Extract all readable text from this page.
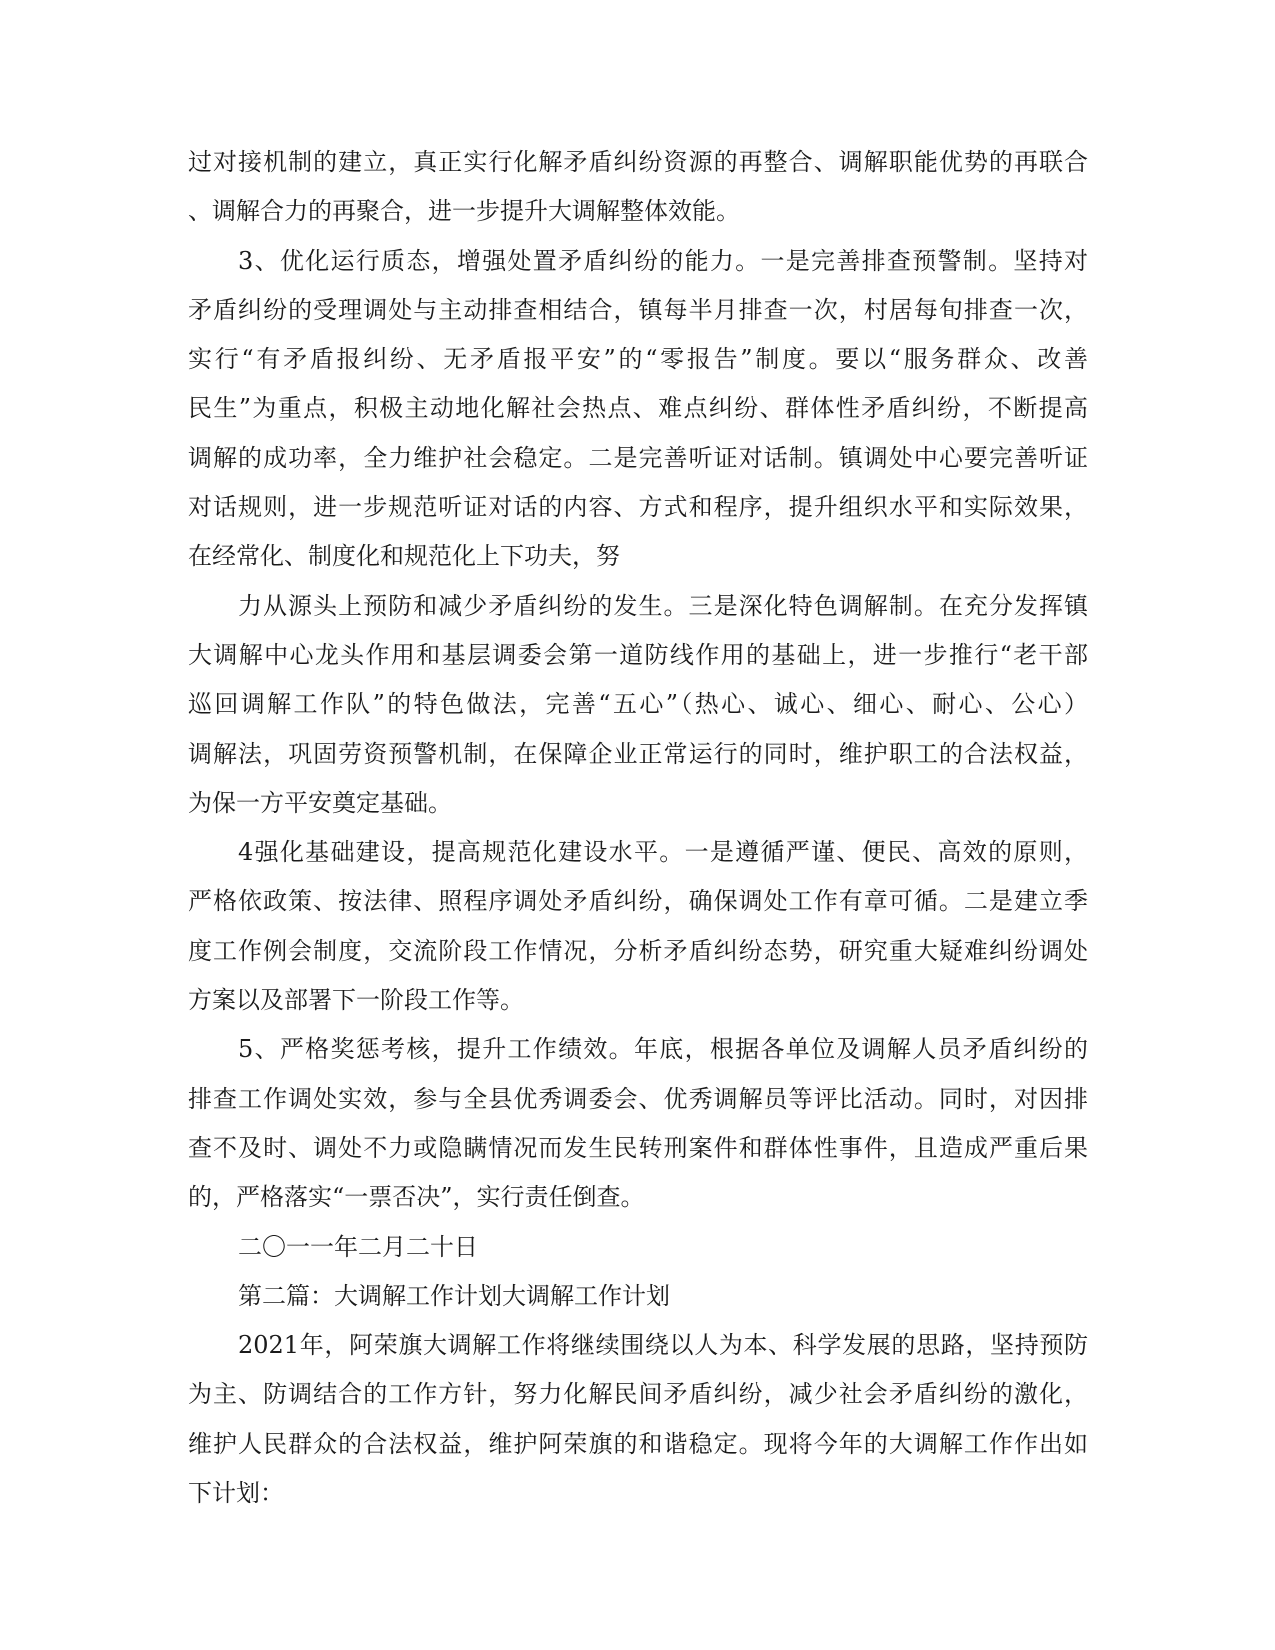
过对接机制的建立，真正实行化解矛盾纠纷资源的再整合、调解职能优势的再联合
、调解合力的再聚合，进一步提升大调解整体效能。
3、优化运行质态，增强处置矛盾纠纷的能力。一是完善排查预警制。坚持对
矛盾纠纷的受理调处与主动排查相结合，镇每半月排查一次，村居每旬排查一次，
实行“有矛盾报纠纷、无矛盾报平安”的“零报告”制度。要以“服务群众、改善
民生”为重点，积极主动地化解社会热点、难点纠纷、群体性矛盾纠纷，不断提高
调解的成功率，全力维护社会稳定。二是完善听证对话制。镇调处中心要完善听证
对话规则，进一步规范听证对话的内容、方式和程序，提升组织水平和实际效果，
在经常化、制度化和规范化上下功夫，努
力从源头上预防和减少矛盾纠纷的发生。三是深化特色调解制。在充分发挥镇
大调解中心龙头作用和基层调委会第一道防线作用的基础上，进一步推行“老干部
巡回调解工作队”的特色做法，完善“五心”（热心、诚心、细心、耐心、公心）
调解法，巩固劳资预警机制，在保障企业正常运行的同时，维护职工的合法权益，
为保一方平安奠定基础。
4强化基础建设，提高规范化建设水平。一是遵循严谨、便民、高效的原则，
严格依政策、按法律、照程序调处矛盾纠纷，确保调处工作有章可循。二是建立季
度工作例会制度，交流阶段工作情况，分析矛盾纠纷态势，研究重大疑难纠纷调处
方案以及部署下一阶段工作等。
5、严格奖惩考核，提升工作绩效。年底，根据各单位及调解人员矛盾纠纷的
排查工作调处实效，参与全县优秀调委会、优秀调解员等评比活动。同时，对因排
查不及时、调处不力或隐瞒情况而发生民转刑案件和群体性事件，且造成严重后果
的，严格落实“一票否决”，实行责任倒查。
二〇一一年二月二十日
第二篇：大调解工作计划大调解工作计划
2021年，阿荣旗大调解工作将继续围绕以人为本、科学发展的思路，坚持预防
为主、防调结合的工作方针，努力化解民间矛盾纠纷，减少社会矛盾纠纷的激化，
维护人民群众的合法权益，维护阿荣旗的和谐稳定。现将今年的大调解工作作出如
下计划：
